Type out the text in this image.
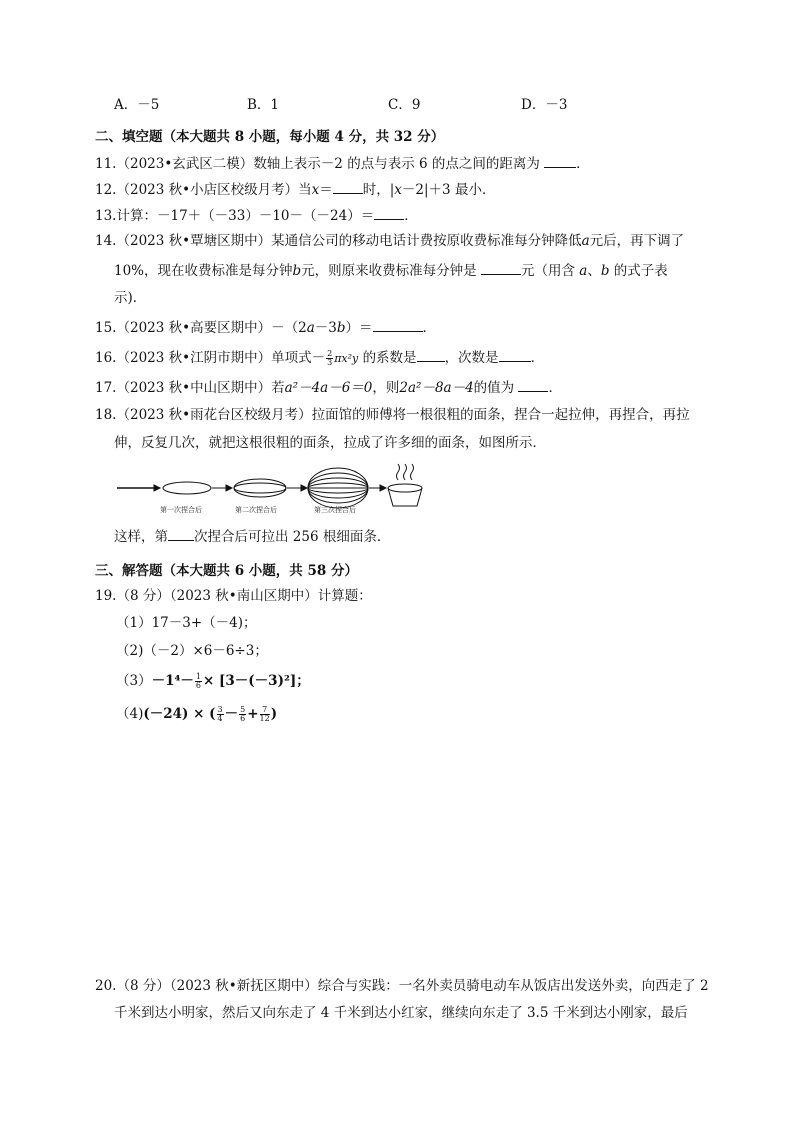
A．－5	B．1	C．9	D．－3
二、填空题（本大题共 8 小题，每小题 4 分，共 32 分）
11.（2023•玄武区二模）数轴上表示－2 的点与表示 6 的点之间的距离为	．
12.（2023 秋•小店区校级月考）当x＝ 时，|x－2|＋3 最小．
13.计算：－17＋（－33）－10－（－24）＝ ．
14.（2023 秋•覃塘区期中）某通信公司的移动电话计费按原收费标准每分钟降低a元后，再下调了
10%，现在收费标准是每分钟b元，则原来收费标准每分钟是	元（用含 a、b 的式子表
示)．
15.（2023 秋•高要区期中）－（2a－3b）＝	．
16.（2023 秋•江阴市期中）单项式－ $\frac{2}{3} \pi x^2y$ 的系数是 ，次数是 ．
17.（2023 秋•中山区期中）若a²－4a－6＝0，则2a²－8a－4的值为	．
18.（2023 秋•雨花台区校级月考）拉面馆的师傅将一根很粗的面条，捏合一起拉伸，再捏合，再拉
伸，反复几次，就把这根很粗的面条，拉成了许多细的面条，如图所示．
第一次捏合后	第二次捏合后	第三次捏合后
这样，第 次捏合后可拉出 256 根细面条．
三、解答题（本大题共 6 小题，共 58 分）
19.（8 分）（2023 秋•南山区期中）计算题：
（1）17－3+（－4)；
（2)（－2）×6－6÷3；
$(3)-1^4- \frac{1}{6} \times [3-(-3)^2]$；
（4)(－24) × ( $\frac{3}{4} - \frac{5}{6} + \frac{7}{12}$ )
20.（8 分）（2023 秋•新抚区期中）综合与实践：一名外卖员骑电动车从饭店出发送外卖，向西走了 2
千米到达小明家，然后又向东走了 4 千米到达小红家，继续向东走了 3.5 千米到达小刚家，最后
